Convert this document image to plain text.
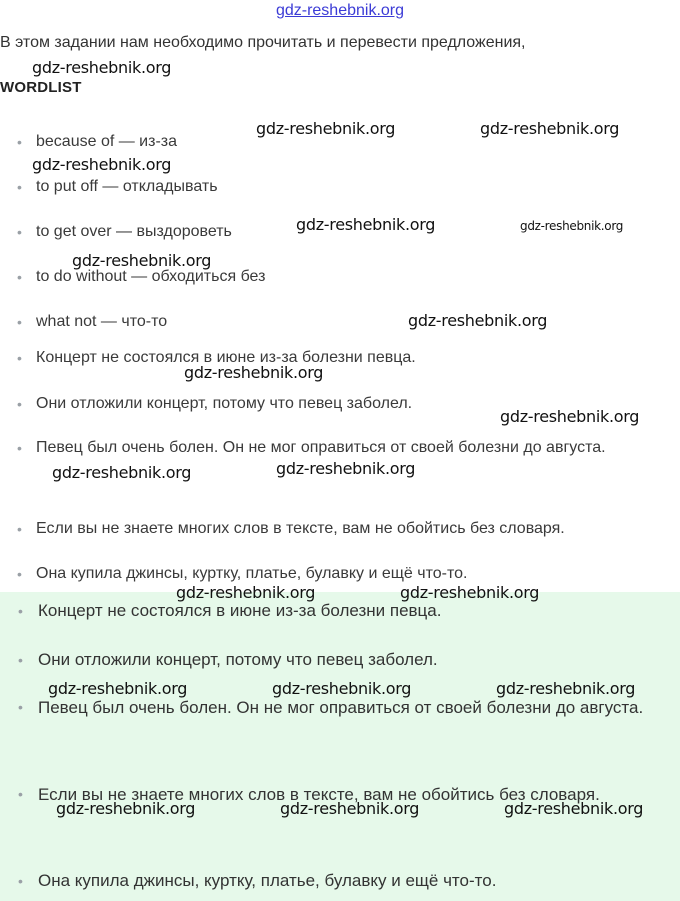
gdz-reshebnik.org
В этом задании нам необходимо прочитать и перевести предложения,
WORDLIST
• because of — из-за
• to put off — откладывать
• to get over — выздороветь
• to do without — обходиться без
• what not — что-то
• Концерт не состоялся в июне из-за болезни певца.
• Они отложили концерт, потому что певец заболел.
• Певец был очень болен. Он не мог оправиться от своей болезни до августа.
• Если вы не знаете многих слов в тексте, вам не обойтись без словаря.
• Она купила джинсы, куртку, платье, булавку и ещё что-то.
• Концерт не состоялся в июне из-за болезни певца.
• Они отложили концерт, потому что певец заболел.
• Певец был очень болен. Он не мог оправиться от своей болезни до августа.
• Если вы не знаете многих слов в тексте, вам не обойтись без словаря.
• Она купила джинсы, куртку, платье, булавку и ещё что-то.
gdz-reshebnik.org
gdz-reshebnik.org	gdz-reshebnik.org
gdz-reshebnik.org
gdz-reshebnik.org	gdz-reshebnik.org
gdz-reshebnik.org
gdz-reshebnik.org
gdz-reshebnik.org
gdz-reshebnik.org
gdz-reshebnik.org
gdz-reshebnik.org
gdz-reshebnik.org	gdz-reshebnik.org
gdz-reshebnik.org	gdz-reshebnik.org	gdz-reshebnik.org
gdz-reshebnik.org	gdz-reshebnik.org	gdz-reshebnik.org
